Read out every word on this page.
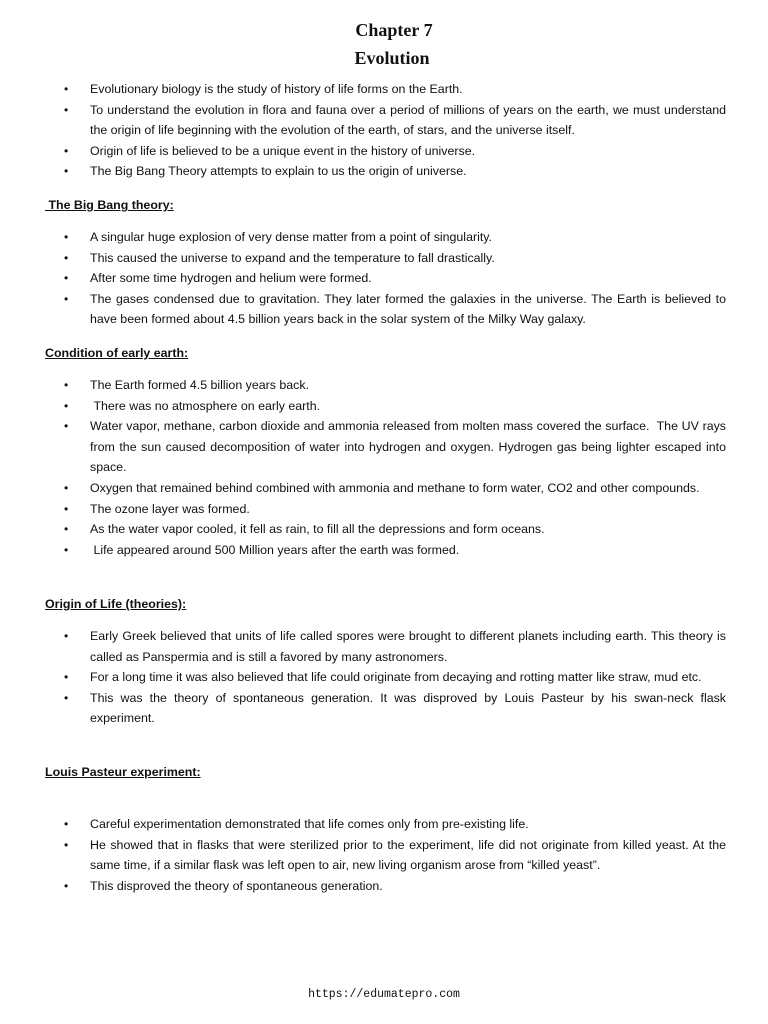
Chapter 7
Evolution
• Evolutionary biology is the study of history of life forms on the Earth.
• To understand the evolution in flora and fauna over a period of millions of years on the earth, we must understand the origin of life beginning with the evolution of the earth, of stars, and the universe itself.
• Origin of life is believed to be a unique event in the history of universe.
• The Big Bang Theory attempts to explain to us the origin of universe.

The Big Bang theory:

• A singular huge explosion of very dense matter from a point of singularity.
• This caused the universe to expand and the temperature to fall drastically.
• After some time hydrogen and helium were formed.
• The gases condensed due to gravitation. They later formed the galaxies in the universe. The Earth is believed to have been formed about 4.5 billion years back in the solar system of the Milky Way galaxy.

Condition of early earth:

• The Earth formed 4.5 billion years back.
•  There was no atmosphere on early earth.
• Water vapor, methane, carbon dioxide and ammonia released from molten mass covered the surface.  The UV rays from the sun caused decomposition of water into hydrogen and oxygen. Hydrogen gas being lighter escaped into space.
• Oxygen that remained behind combined with ammonia and methane to form water, CO2 and other compounds.
• The ozone layer was formed.
• As the water vapor cooled, it fell as rain, to fill all the depressions and form oceans.
•  Life appeared around 500 Million years after the earth was formed.

Origin of Life (theories):

• Early Greek believed that units of life called spores were brought to different planets including earth. This theory is called as Panspermia and is still a favored by many astronomers.
• For a long time it was also believed that life could originate from decaying and rotting matter like straw, mud etc.
• This was the theory of spontaneous generation. It was disproved by Louis Pasteur by his swan-neck flask experiment.

Louis Pasteur experiment:

• Careful experimentation demonstrated that life comes only from pre-existing life.
• He showed that in flasks that were sterilized prior to the experiment, life did not originate from killed yeast. At the same time, if a similar flask was left open to air, new living organism arose from “killed yeast”.
• This disproved the theory of spontaneous generation.
https://edumatepro.com
